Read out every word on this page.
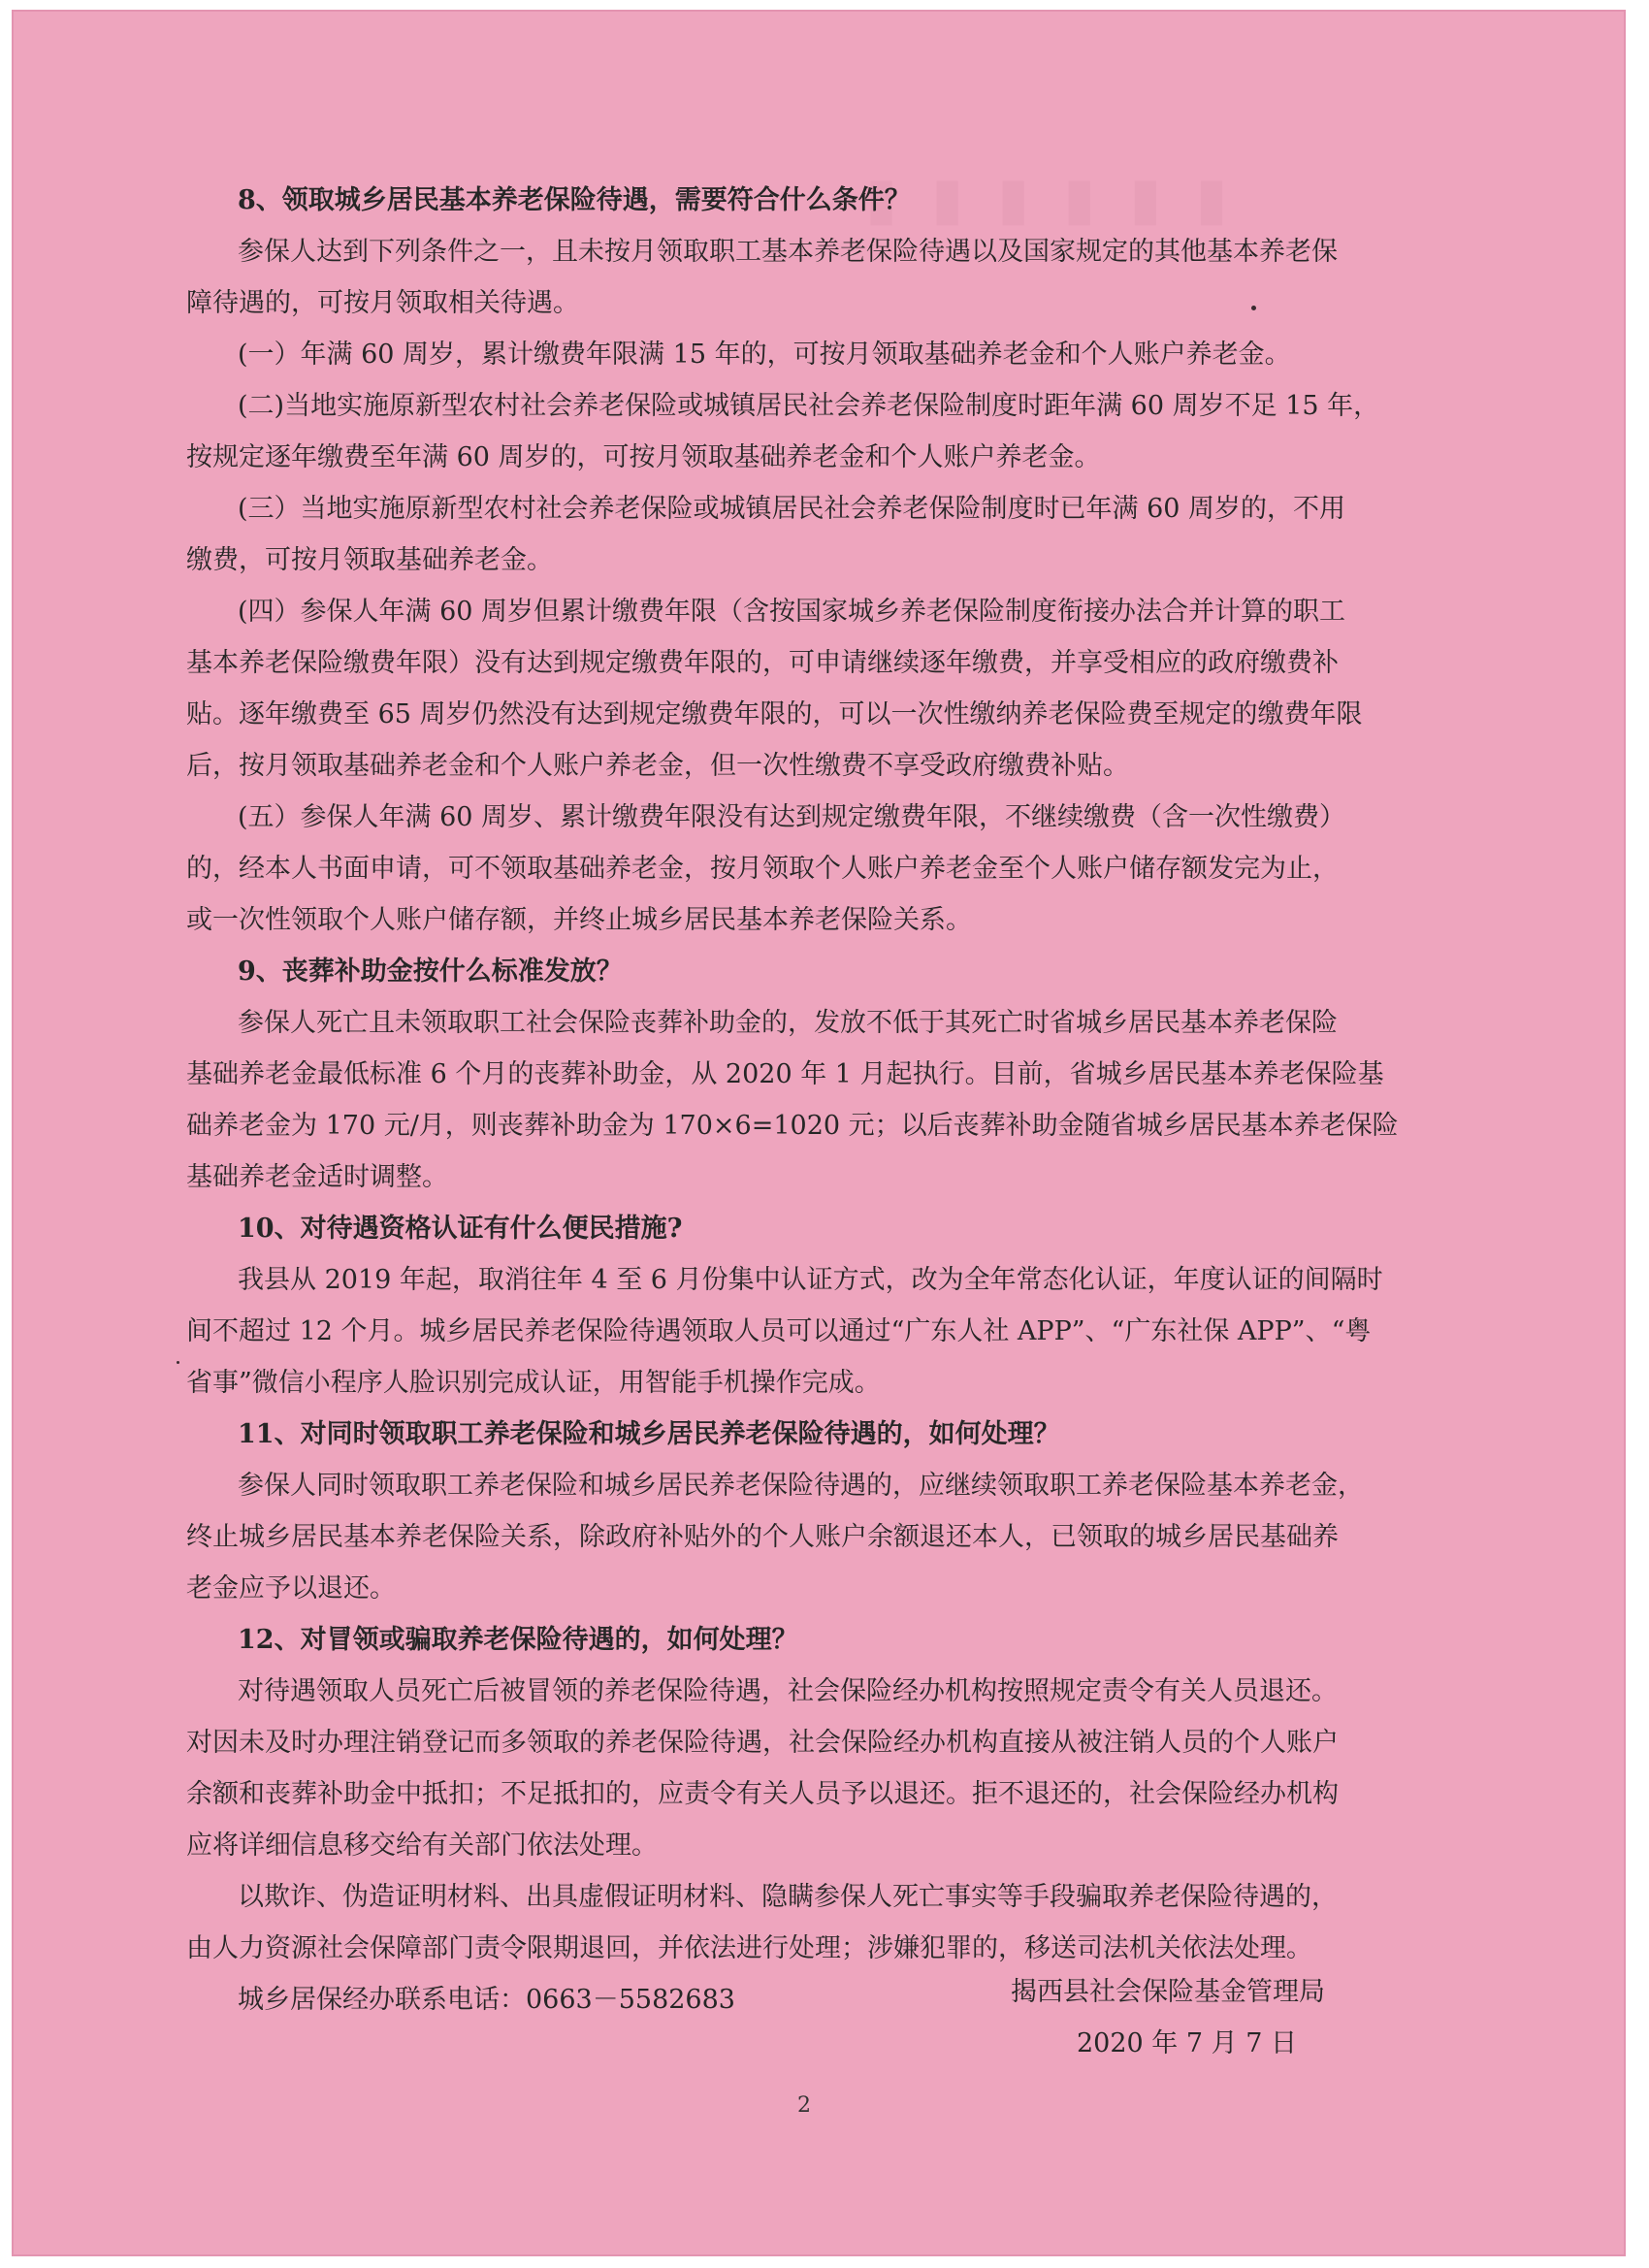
▮ ▮ ▮ ▮ ▮ ▮
8、领取城乡居民基本养老保险待遇，需要符合什么条件？
参保人达到下列条件之一，且未按月领取职工基本养老保险待遇以及国家规定的其他基本养老保
障待遇的，可按月领取相关待遇。
(一）年满 60 周岁，累计缴费年限满 15 年的，可按月领取基础养老金和个人账户养老金。
(二)当地实施原新型农村社会养老保险或城镇居民社会养老保险制度时距年满 60 周岁不足 15 年，
按规定逐年缴费至年满 60 周岁的，可按月领取基础养老金和个人账户养老金。
(三）当地实施原新型农村社会养老保险或城镇居民社会养老保险制度时已年满 60 周岁的，不用
缴费，可按月领取基础养老金。
(四）参保人年满 60 周岁但累计缴费年限（含按国家城乡养老保险制度衔接办法合并计算的职工
基本养老保险缴费年限）没有达到规定缴费年限的，可申请继续逐年缴费，并享受相应的政府缴费补
贴。逐年缴费至 65 周岁仍然没有达到规定缴费年限的，可以一次性缴纳养老保险费至规定的缴费年限
后，按月领取基础养老金和个人账户养老金，但一次性缴费不享受政府缴费补贴。
(五）参保人年满 60 周岁、累计缴费年限没有达到规定缴费年限，不继续缴费（含一次性缴费）
的，经本人书面申请，可不领取基础养老金，按月领取个人账户养老金至个人账户储存额发完为止，
或一次性领取个人账户储存额，并终止城乡居民基本养老保险关系。
9、丧葬补助金按什么标准发放？
参保人死亡且未领取职工社会保险丧葬补助金的，发放不低于其死亡时省城乡居民基本养老保险
基础养老金最低标准 6 个月的丧葬补助金，从 2020 年 1 月起执行。目前，省城乡居民基本养老保险基
础养老金为 170 元/月，则丧葬补助金为 170×6=1020 元；以后丧葬补助金随省城乡居民基本养老保险
基础养老金适时调整。
10、对待遇资格认证有什么便民措施?
我县从 2019 年起，取消往年 4 至 6 月份集中认证方式，改为全年常态化认证，年度认证的间隔时
间不超过 12 个月。城乡居民养老保险待遇领取人员可以通过“广东人社 APP”、“广东社保 APP”、“粤
省事”微信小程序人脸识别完成认证，用智能手机操作完成。
11、对同时领取职工养老保险和城乡居民养老保险待遇的，如何处理？
参保人同时领取职工养老保险和城乡居民养老保险待遇的，应继续领取职工养老保险基本养老金，
终止城乡居民基本养老保险关系，除政府补贴外的个人账户余额退还本人，已领取的城乡居民基础养
老金应予以退还。
12、对冒领或骗取养老保险待遇的，如何处理？
对待遇领取人员死亡后被冒领的养老保险待遇，社会保险经办机构按照规定责令有关人员退还。
对因未及时办理注销登记而多领取的养老保险待遇，社会保险经办机构直接从被注销人员的个人账户
余额和丧葬补助金中抵扣；不足抵扣的，应责令有关人员予以退还。拒不退还的，社会保险经办机构
应将详细信息移交给有关部门依法处理。
以欺诈、伪造证明材料、出具虚假证明材料、隐瞒参保人死亡事实等手段骗取养老保险待遇的，
由人力资源社会保障部门责令限期退回，并依法进行处理；涉嫌犯罪的，移送司法机关依法处理。
城乡居保经办联系电话：0663－5582683	揭西县社会保险基金管理局
2020 年 7 月 7 日
2
